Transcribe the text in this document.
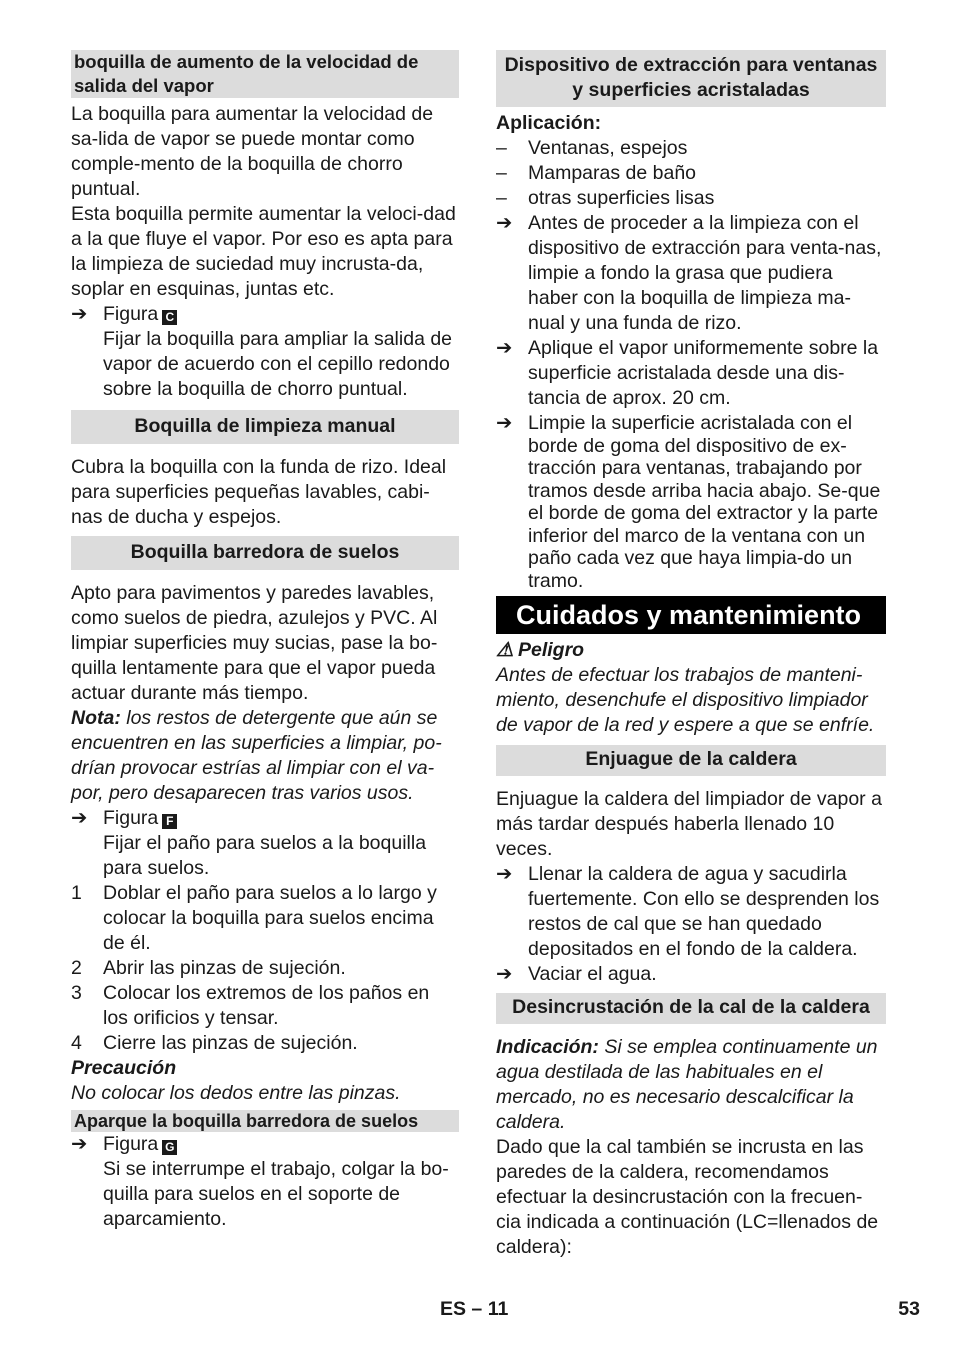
boquilla de aumento de la velocidad de salida del vapor

La boquilla para aumentar la velocidad de sa-lida de vapor se puede montar como comple-mento de la boquilla de chorro puntual.

Esta boquilla permite aumentar la veloci-dad a la que fluye el vapor. Por eso es apta para la limpieza de suciedad muy incrusta-da, soplar en esquinas, juntas etc.

➔ Figura C

Fijar la boquilla para ampliar la salida de vapor de acuerdo con el cepillo redondo sobre la boquilla de chorro puntual.

Boquilla de limpieza manual

Cubra la boquilla con la funda de rizo. Ideal para superficies pequeñas lavables, cabi-nas de ducha y espejos.

Boquilla barredora de suelos

Apto para pavimentos y paredes lavables, como suelos de piedra, azulejos y PVC. Al limpiar superficies muy sucias, pase la bo-quilla lentamente para que el vapor pueda actuar durante más tiempo.

Nota: los restos de detergente que aún se encuentren en las superficies a limpiar, po-drían provocar estrías al limpiar con el va-por, pero desaparecen tras varios usos.

➔ Figura F

Fijar el paño para suelos a la boquilla para suelos.

1	Doblar el paño para suelos a lo largo y colocar la boquilla para suelos encima de él.
2	Abrir las pinzas de sujeción.
3	Colocar los extremos de los paños en los orificios y tensar.
4	Cierre las pinzas de sujeción.

Precaución

No colocar los dedos entre las pinzas.

Aparque la boquilla barredora de suelos
➔ Figura G

Si se interrumpe el trabajo, colgar la bo-quilla para suelos en el soporte de aparcamiento.

Dispositivo de extracción para ventanas y superficies acristaladas

Aplicación:

–	Ventanas, espejos
–	Mamparas de baño
–	otras superficies lisas
➔ Antes de proceder a la limpieza con el dispositivo de extracción para venta-nas, limpie a fondo la grasa que pudiera haber con la boquilla de limpieza ma-nual y una funda de rizo.
➔ Aplique el vapor uniformemente sobre la superficie acristalada desde una dis-tancia de aprox. 20 cm.
➔ Limpie la superficie acristalada con el borde de goma del dispositivo de ex-tracción para ventanas, trabajando por tramos desde arriba hacia abajo. Se-que el borde de goma del extractor y la parte inferior del marco de la ventana con un paño cada vez que haya limpia-do un tramo.
Cuidados y mantenimiento

⚠ Peligro

Antes de efectuar los trabajos de manteni-miento, desenchufe el dispositivo limpiador de vapor de la red y espere a que se enfríe.

Enjuague de la caldera

Enjuague la caldera del limpiador de vapor a más tardar después haberla llenado 10 veces.

➔ Llenar la caldera de agua y sacudirla fuertemente. Con ello se desprenden los restos de cal que se han quedado depositados en el fondo de la caldera.
➔ Vaciar el agua.
Desincrustación de la cal de la caldera

Indicación: Si se emplea continuamente un agua destilada de las habituales en el mercado, no es necesario descalcificar la caldera.

Dado que la cal también se incrusta en las paredes de la caldera, recomendamos efectuar la desincrustación con la frecuen-cia indicada a continuación (LC=llenados de caldera):

ES – 11	53
